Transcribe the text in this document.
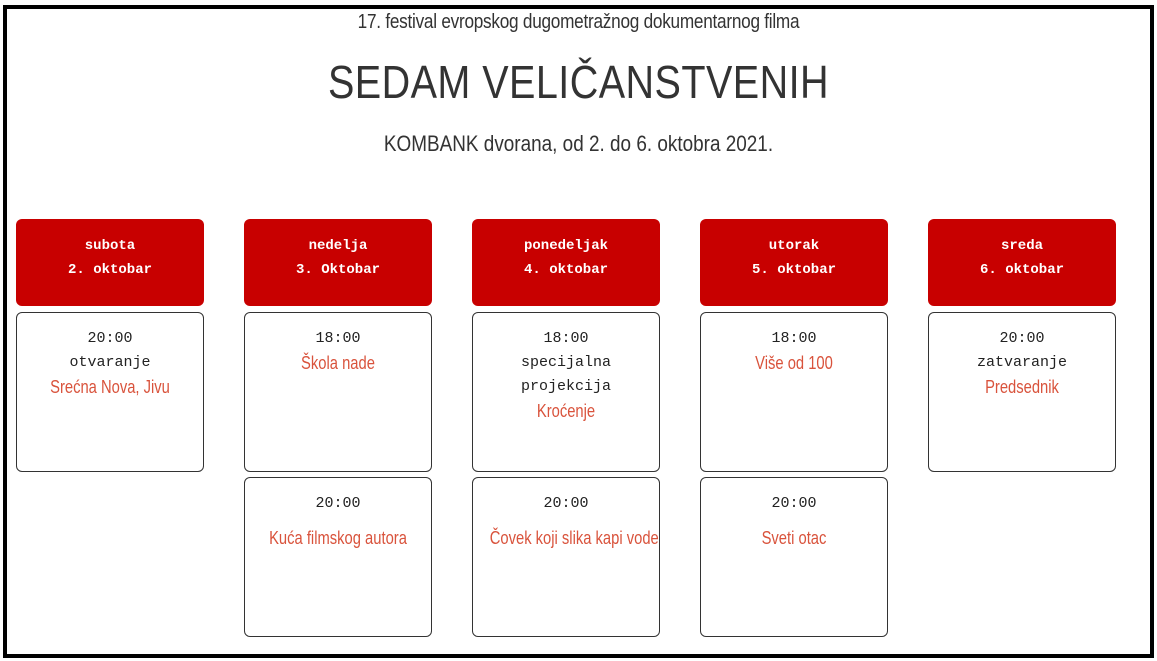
17. festival evropskog dugometražnog dokumentarnog filma
SEDAM VELIČANSTVENIH
KOMBANK dvorana, od 2. do 6. oktobra 2021.
subota
2. oktobar
20:00
otvaranje
Srećna Nova, Jivu
nedelja
3. Oktobar
18:00
Škola nade
20:00
Kuća filmskog autora
ponedeljak
4. oktobar
18:00
specijalna
projekcija
Kroćenje
20:00
Čovek koji slika kapi vode
utorak
5. oktobar
18:00
Više od 100
20:00
Sveti otac
sreda
6. oktobar
20:00
zatvaranje
Predsednik
